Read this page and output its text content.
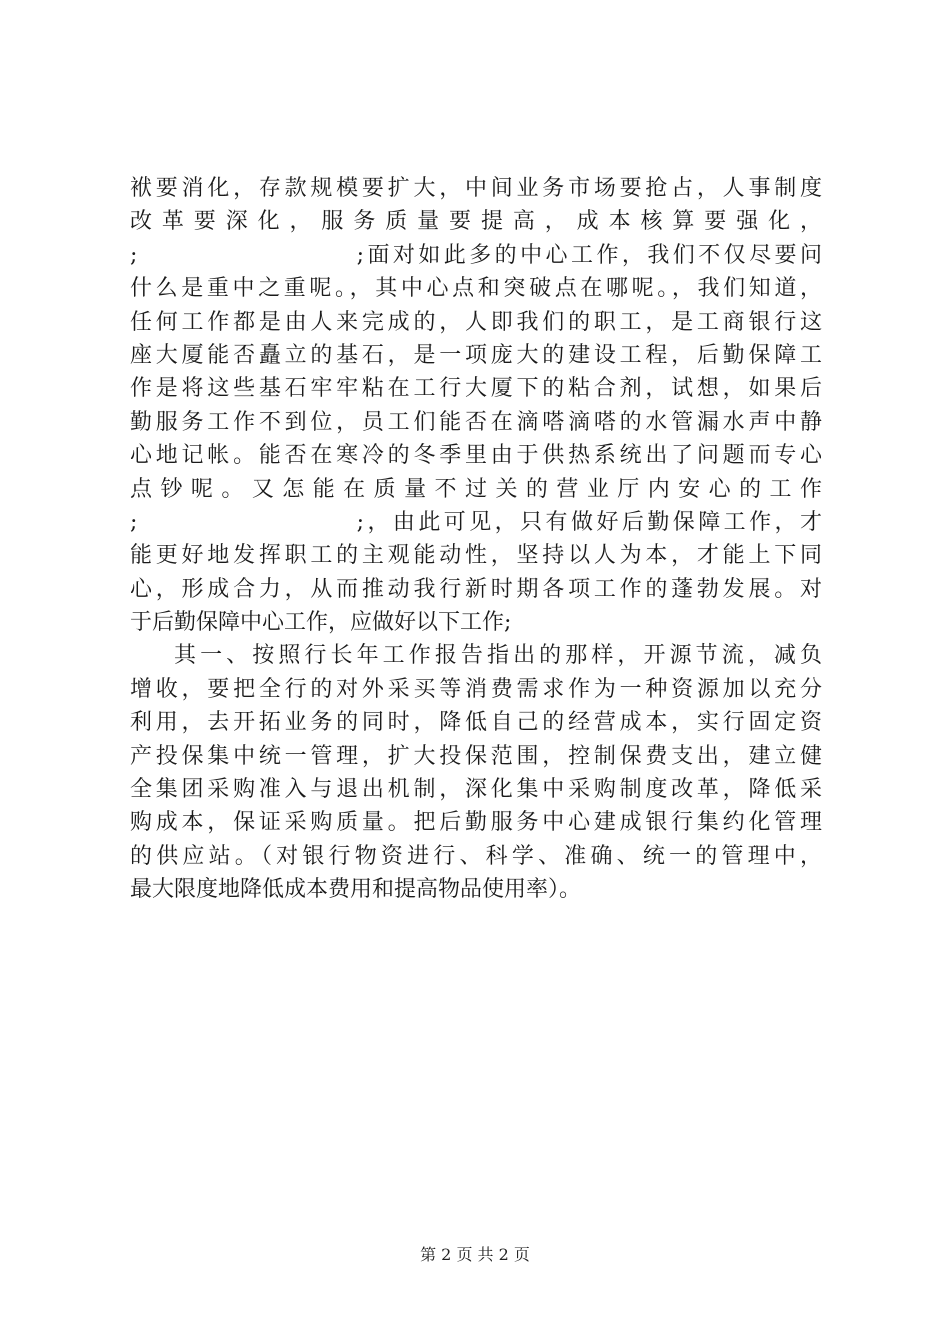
袱要消化，存款规模要扩大，中间业务市场要抢占，人事制度
改 革 要 深 化 ， 服 务 质 量 要 提 高 ， 成 本 核 算 要 强 化 ，
;                     ;面对如此多的中心工作，我们不仅尽要问
什么是重中之重呢。，其中心点和突破点在哪呢。，我们知道，
任何工作都是由人来完成的，人即我们的职工，是工商银行这
座大厦能否矗立的基石，是一项庞大的建设工程，后勤保障工
作是将这些基石牢牢粘在工行大厦下的粘合剂，试想，如果后
勤服务工作不到位，员工们能否在滴嗒滴嗒的水管漏水声中静
心地记帐。能否在寒冷的冬季里由于供热系统出了问题而专心
点 钞 呢 。 又 怎 能 在 质 量 不 过 关 的 营 业 厅 内 安 心 的 工 作
;                     ;，由此可见，只有做好后勤保障工作，才
能更好地发挥职工的主观能动性，坚持以人为本，才能上下同
心，形成合力，从而推动我行新时期各项工作的蓬勃发展。对
于后勤保障中心工作，应做好以下工作;
其一、按照行长年工作报告指出的那样，开源节流，减负
增收，要把全行的对外采买等消费需求作为一种资源加以充分
利用，去开拓业务的同时，降低自己的经营成本，实行固定资
产投保集中统一管理，扩大投保范围，控制保费支出，建立健
全集团采购准入与退出机制，深化集中采购制度改革，降低采
购成本，保证采购质量。把后勤服务中心建成银行集约化管理
的供应站。（对银行物资进行、科学、准确、统一的管理中，
最大限度地降低成本费用和提高物品使用率）。
第 2 页 共 2 页
